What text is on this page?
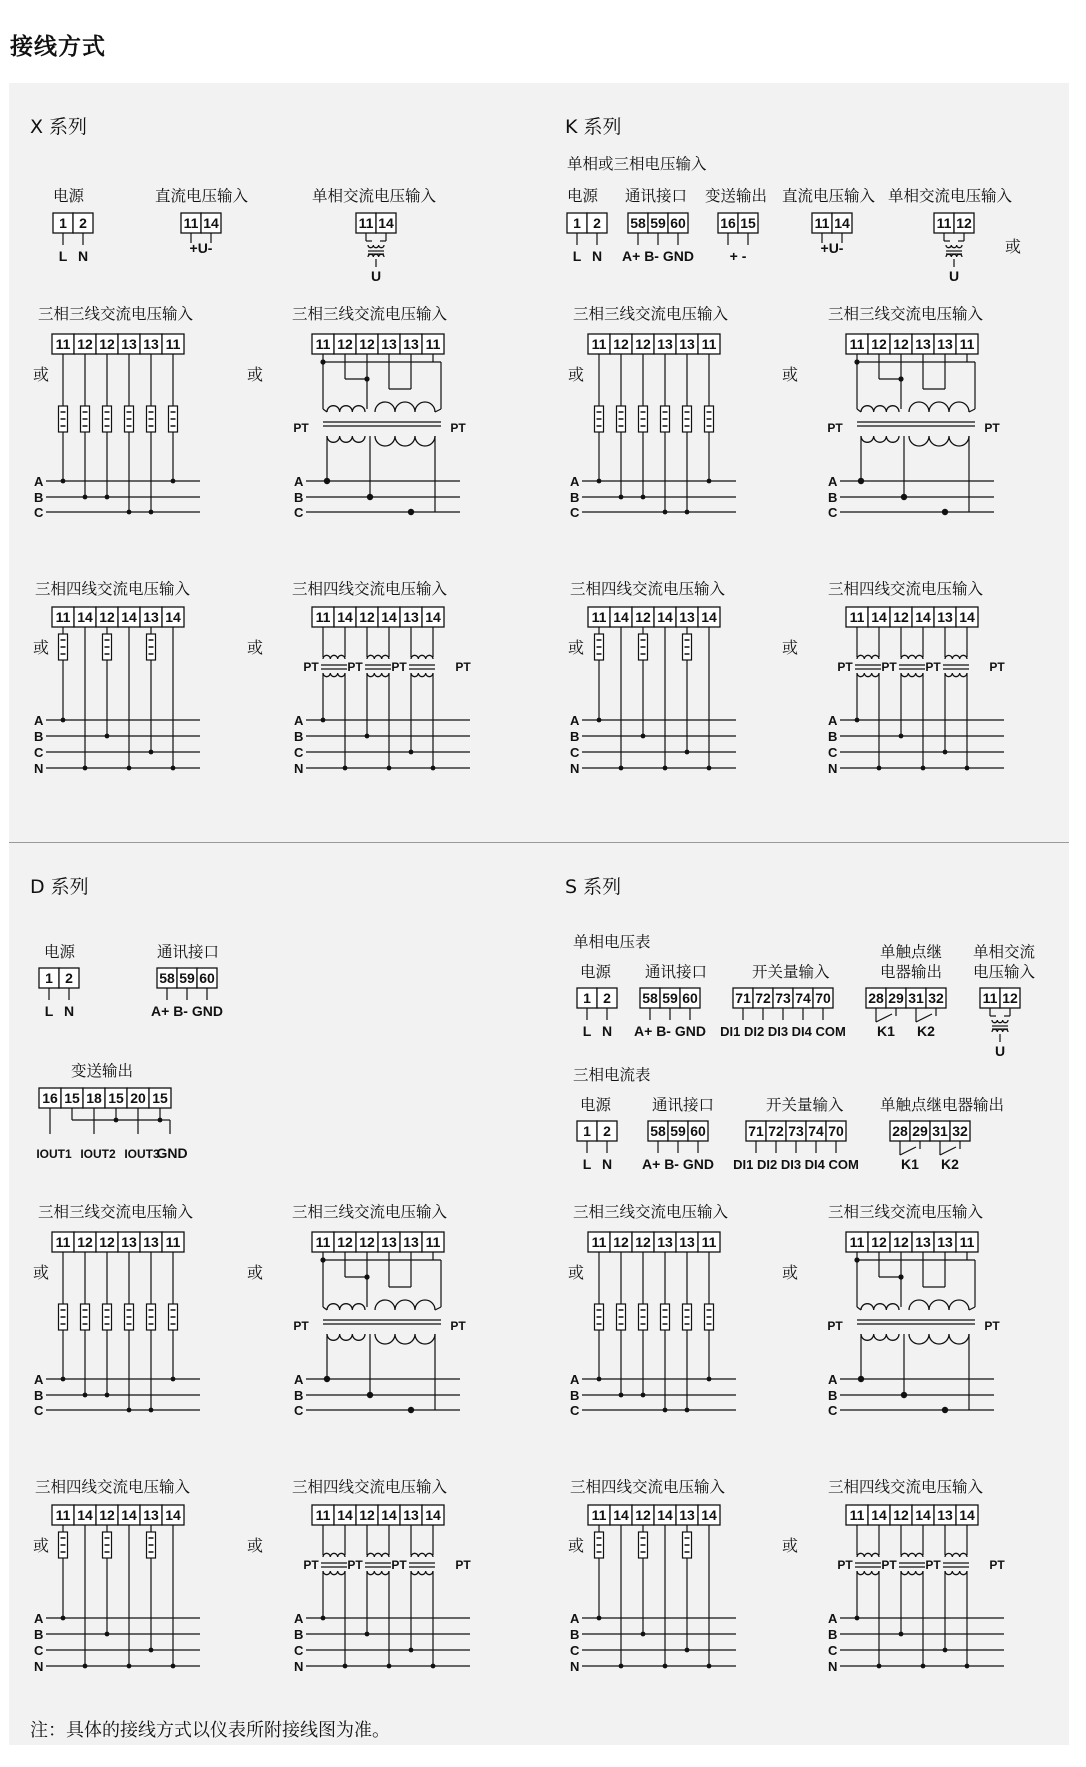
接线方式
X 系列	K 系列
D 系列	S 系列
电源	直流电压输入	单相交流电压输入
三相三线交流电压输入	三相三线交流电压输入
三相四线交流电压输入	三相四线交流电压输入
单相或三相电压输入
电源 通讯接口 变送输出 直流电压输入 单相交流电压输入
三相三线交流电压输入	三相三线交流电压输入
三相四线交流电压输入	三相四线交流电压输入
电源	通讯接口
变送输出
三相三线交流电压输入	三相三线交流电压输入
三相四线交流电压输入	三相四线交流电压输入
单相电压表
电源 通讯接口	开关量输入
单触点继
电器输出
单相交流
电压输入
三相电流表
电源	通讯接口	开关量输入 单触点继电器输出
三相三线交流电压输入	三相三线交流电压输入
三相四线交流电压输入	三相四线交流电压输入
或	或
或	或
或
或	或
或	或
或	或
或	或
或	或
或	或
注：具体的接线方式以仪表所附接线图为准。
11 12 12 13 13 11
A
B
C
11 12 12 13 13 11
A
B
C
PT	PT
11 14 12 14 13 14
A
B
C
N
11 14 12 14 13 14
A
B
C
N
PT PT PT	PT
11 12 12 13 13 11
A
B
C
11 12 12 13 13 11
A
B
C
PT	PT
11 14 12 14 13 14
A
B
C
N
11 14 12 14 13 14
A
B
C
N
PT PT PT	PT
11 12 12 13 13 11
A
B
C
11 12 12 13 13 11
A
B
C
PT	PT
11 14 12 14 13 14
A
B
C
N
11 14 12 14 13 14
A
B
C
N
PT PT PT	PT
11 12 12 13 13 11
A
B
C
11 12 12 13 13 11
A
B
C
PT	PT
11 14 12 14 13 14
A
B
C
N
11 14 12 14 13 14
A
B
C
N
PT PT PT	PT
1 2
L N
11 14
+U-
11 14
U
1 2
L N
58 59 60
A+ B- GND
16 15
+ -
11 14
+U-
11 12
U
1 2
L N
58 59 60
A+ B- GND
16 15 18 15 20 15
IOUT1 IOUT2 IOUT3
GND
1 2
L N
58 59 60
A+ B- GND
71 72 73 74 70
DI1 DI2 DI3 DI4 COM
28 29 31 32
K1 K2
11 12
U
1 2
L N
58 59 60
A+ B- GND
71 72 73 74 70
DI1 DI2 DI3 DI4 COM
28 29 31 32
K1 K2
